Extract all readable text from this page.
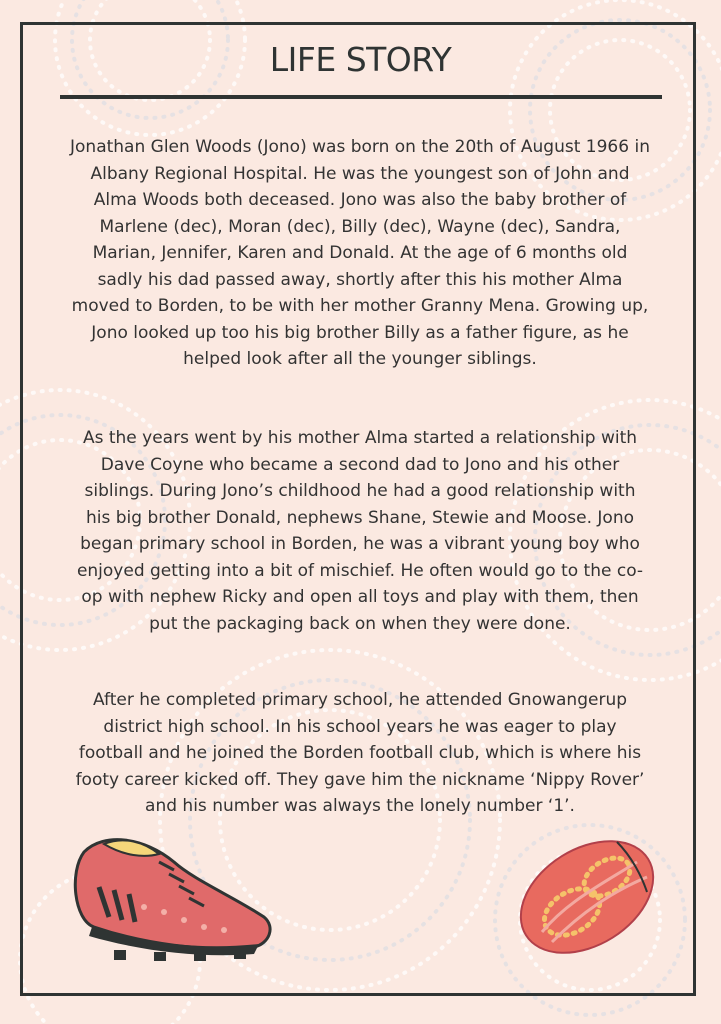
LIFE STORY
Jonathan Glen Woods (Jono) was born on the 20th of August 1966 in Albany Regional Hospital. He was the youngest son of John and Alma Woods both deceased. Jono was also the baby brother of Marlene (dec), Moran (dec), Billy (dec), Wayne (dec), Sandra, Marian, Jennifer, Karen and Donald. At the age of 6 months old sadly his dad passed away, shortly after this his mother Alma moved to Borden, to be with her mother Granny Mena. Growing up, Jono looked up too his big brother Billy as a father figure, as he helped look after all the younger siblings.
As the years went by his mother Alma started a relationship with Dave Coyne who became a second dad to Jono and his other siblings. During Jono’s childhood he had a good relationship with his big brother Donald, nephews Shane, Stewie and Moose. Jono began primary school in Borden, he was a vibrant young boy who enjoyed getting into a bit of mischief. He often would go to the co-op with nephew Ricky and open all toys and play with them, then put the packaging back on when they were done.
After he completed primary school, he attended Gnowangerup district high school. In his school years he was eager to play football and he joined the Borden football club, which is where his footy career kicked off. They gave him the nickname ‘Nippy Rover’ and his number was always the lonely number ‘1’.
